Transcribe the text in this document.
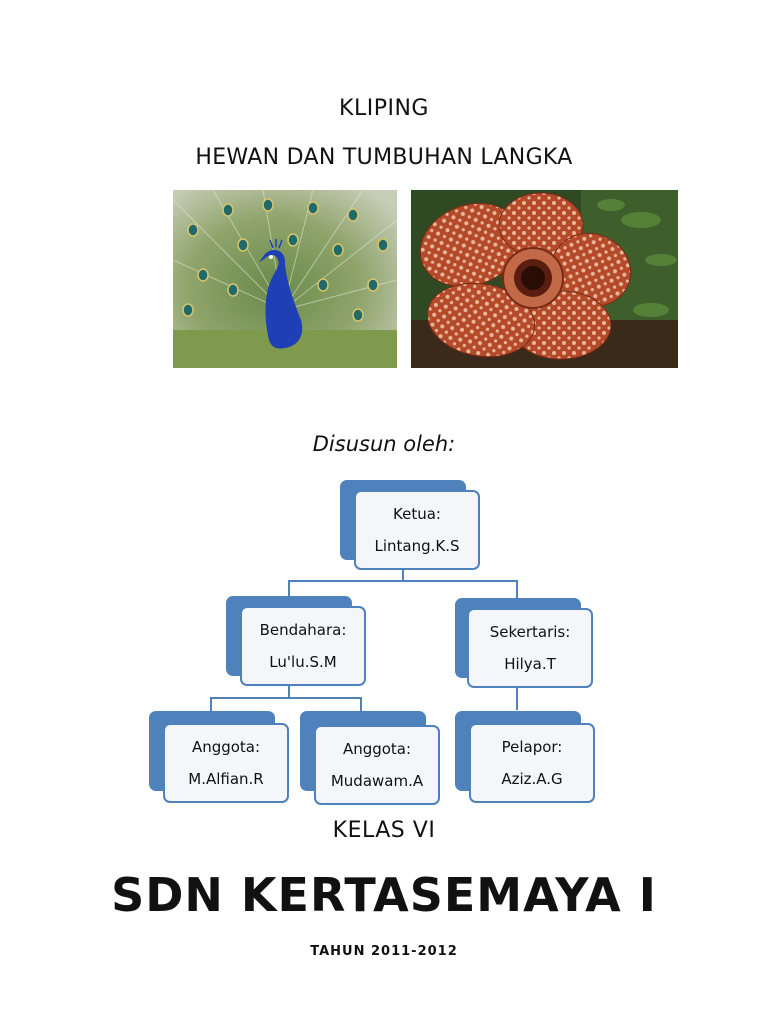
KLIPING
HEWAN DAN TUMBUHAN LANGKA
Disusun oleh:
Ketua:
Lintang.K.S
Bendahara:
Lu'lu.S.M
Sekertaris:
Hilya.T
Anggota:
M.Alfian.R
Anggota:
Mudawam.A
Pelapor:
Aziz.A.G
KELAS VI
SDN KERTASEMAYA I
TAHUN 2011-2012
